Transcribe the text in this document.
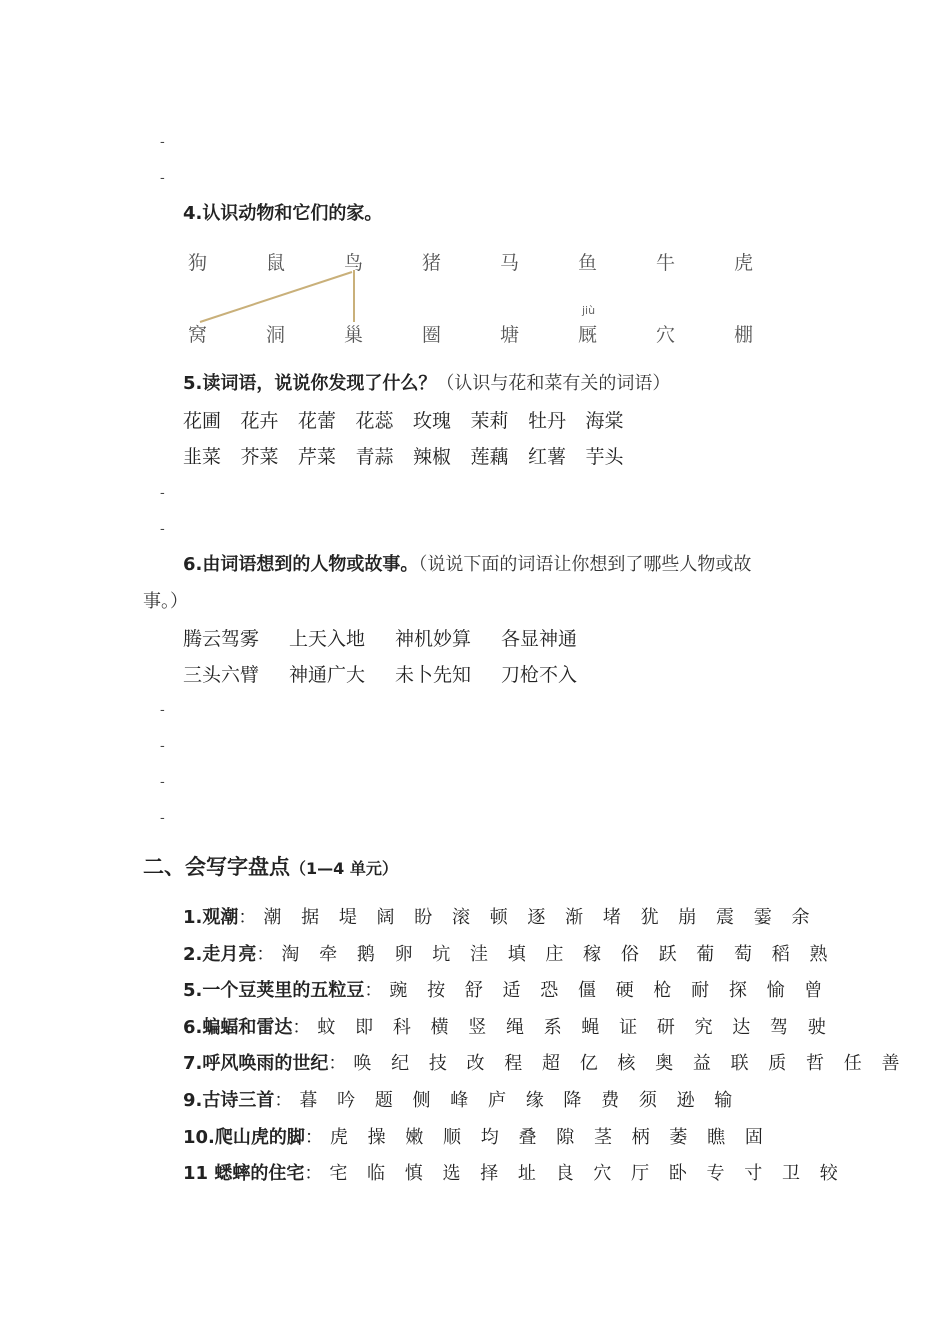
-
-
4.认识动物和它们的家。
狗	鼠	鸟	猪	马	鱼	牛	虎
jiù
窝	洞	巢	圈	塘	厩	穴	棚
5.读词语，说说你发现了什么？（认识与花和菜有关的词语）
花圃 花卉 花蕾 花蕊 玫瑰 茉莉 牡丹 海棠
韭菜 芥菜 芹菜 青蒜 辣椒 莲藕 红薯 芋头
-
-
6.由词语想到的人物或故事。（说说下面的词语让你想到了哪些人物或故
事。）
腾云驾雾 上天入地 神机妙算 各显神通
三头六臂 神通广大 未卜先知 刀枪不入
-
-
-
-
二、会写字盘点（1—4 单元）
1.观潮：潮 据 堤 阔 盼 滚 顿 逐 渐 堵 犹 崩 震 霎 余
2.走月亮：淘 牵 鹅 卵 坑 洼 填 庄 稼 俗 跃 葡 萄 稻 熟
5.一个豆荚里的五粒豆：豌 按 舒 适 恐 僵 硬 枪 耐 探 愉 曾
6.蝙蝠和雷达：蚊 即 科 横 竖 绳 系 蝇 证 研 究 达 驾 驶
7.呼风唤雨的世纪：唤 纪 技 改 程 超 亿 核 奥 益 联 质 哲 任 善
9.古诗三首：暮 吟 题 侧 峰 庐 缘 降 费 须 逊 输
10.爬山虎的脚：虎 操 嫩 顺 均 叠 隙 茎 柄 萎 瞧 固
11 蟋蟀的住宅：宅 临 慎 选 择 址 良 穴 厅 卧 专 寸 卫 较
